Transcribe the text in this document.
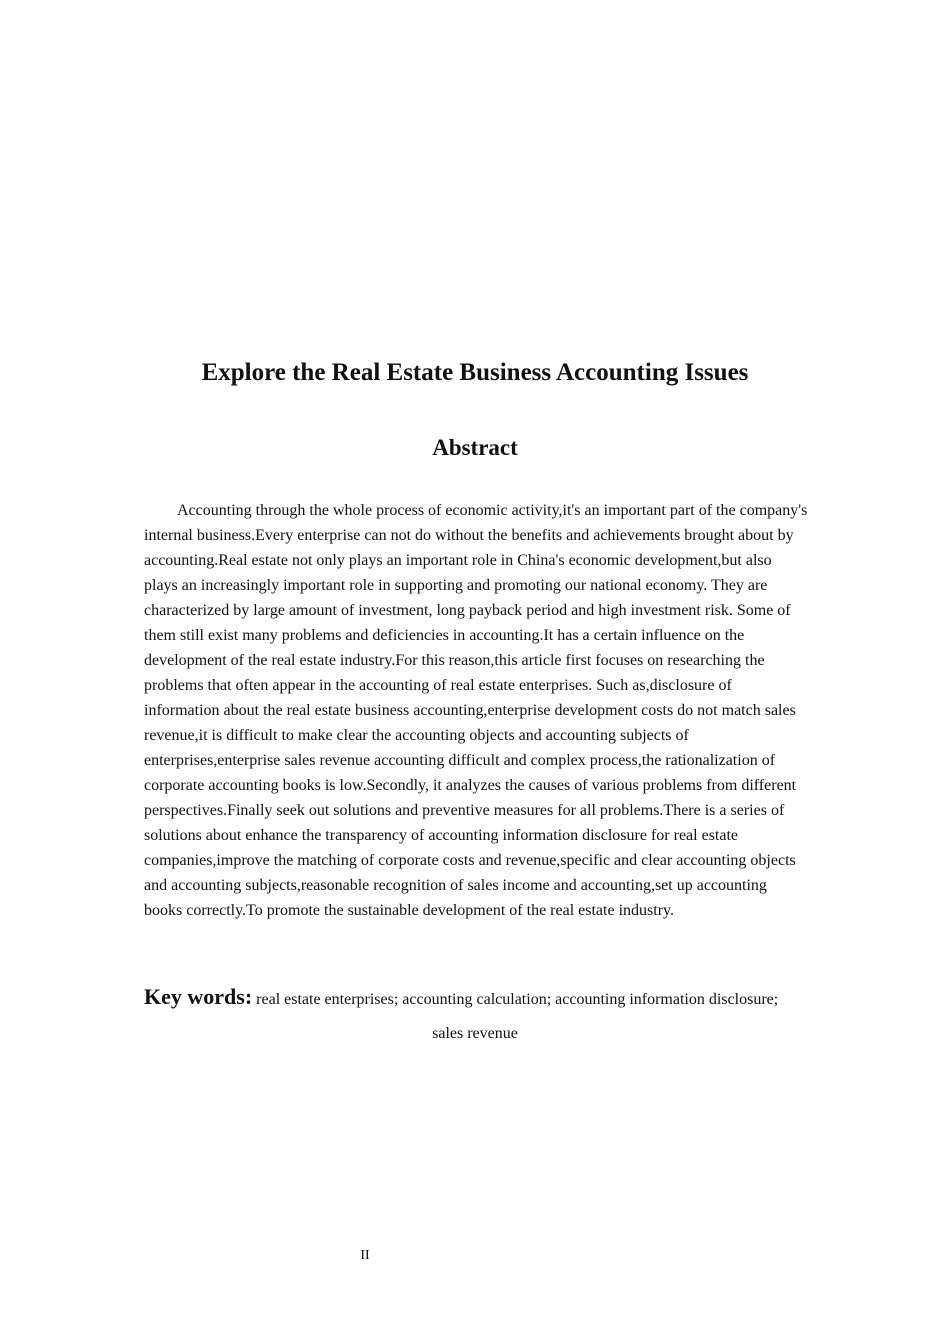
Explore the Real Estate Business Accounting Issues
Abstract

Accounting through the whole process of economic activity,it's an important part of the company's internal business.Every enterprise can not do without the benefits and achievements brought about by accounting.Real estate not only plays an important role in China's economic development,but also plays an increasingly important role in supporting and promoting our national economy. They are characterized by large amount of investment, long payback period and high investment risk. Some of them still exist many problems and deficiencies in accounting.It has a certain influence on the development of the real estate industry.For this reason,this article first focuses on researching the problems that often appear in the accounting of real estate enterprises. Such as,disclosure of information about the real estate business accounting,enterprise development costs do not match sales revenue,it is difficult to make clear the accounting objects and accounting subjects of enterprises,enterprise sales revenue accounting difficult and complex process,the rationalization of corporate accounting books is low.Secondly, it analyzes the causes of various problems from different perspectives.Finally seek out solutions and preventive measures for all problems.There is a series of solutions about enhance the transparency of accounting information disclosure for real estate companies,improve the matching of corporate costs and revenue,specific and clear accounting objects and accounting subjects,reasonable recognition of sales income and accounting,set up accounting books correctly.To promote the sustainable development of the real estate industry.

Key words: real estate enterprises; accounting calculation; accounting information disclosure;

sales revenue

II
